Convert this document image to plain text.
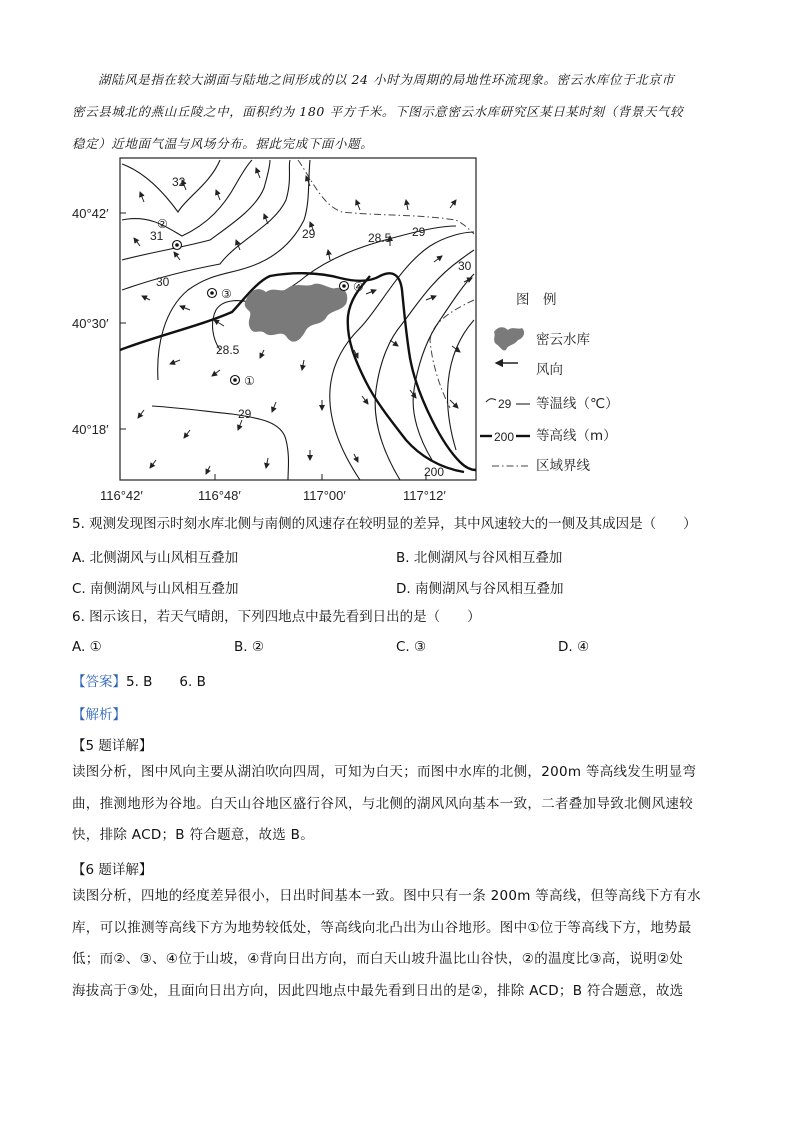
湖陆风是指在较大湖面与陆地之间形成的以 24 小时为周期的局地性环流现象。密云水库位于北京市
密云县城北的燕山丘陵之中，面积约为 180 平方千米。下图示意密云水库研究区某日某时刻（背景天气较
稳定）近地面气温与风场分布。据此完成下面小题。
40°42′
40°30′
40°18′
116°42′	116°48′	117°00′	117°12′
32
31
30
29	28.5
28.5
29
30
29
200
①
②
③	④
图　例
密云水库
风向
29 等温线（℃）
200 等高线（m）
区域界线
5. 观测发现图示时刻水库北侧与南侧的风速存在较明显的差异，其中风速较大的一侧及其成因是（　　）
A. 北侧湖风与山风相互叠加	B. 北侧湖风与谷风相互叠加
C. 南侧湖风与山风相互叠加	D. 南侧湖风与谷风相互叠加
6. 图示该日，若天气晴朗，下列四地点中最先看到日出的是（　　）
A. ①	B. ②	C. ③	D. ④
【答案】5. B　　6. B
【解析】
【5 题详解】
读图分析，图中风向主要从湖泊吹向四周，可知为白天；而图中水库的北侧，200m 等高线发生明显弯
曲，推测地形为谷地。白天山谷地区盛行谷风，与北侧的湖风风向基本一致，二者叠加导致北侧风速较
快，排除 ACD；B 符合题意，故选 B。
【6 题详解】
读图分析，四地的经度差异很小，日出时间基本一致。图中只有一条 200m 等高线，但等高线下方有水
库，可以推测等高线下方为地势较低处，等高线向北凸出为山谷地形。图中①位于等高线下方，地势最
低；而②、③、④位于山坡，④背向日出方向，而白天山坡升温比山谷快，②的温度比③高，说明②处
海拔高于③处，且面向日出方向，因此四地点中最先看到日出的是②，排除 ACD；B 符合题意，故选
